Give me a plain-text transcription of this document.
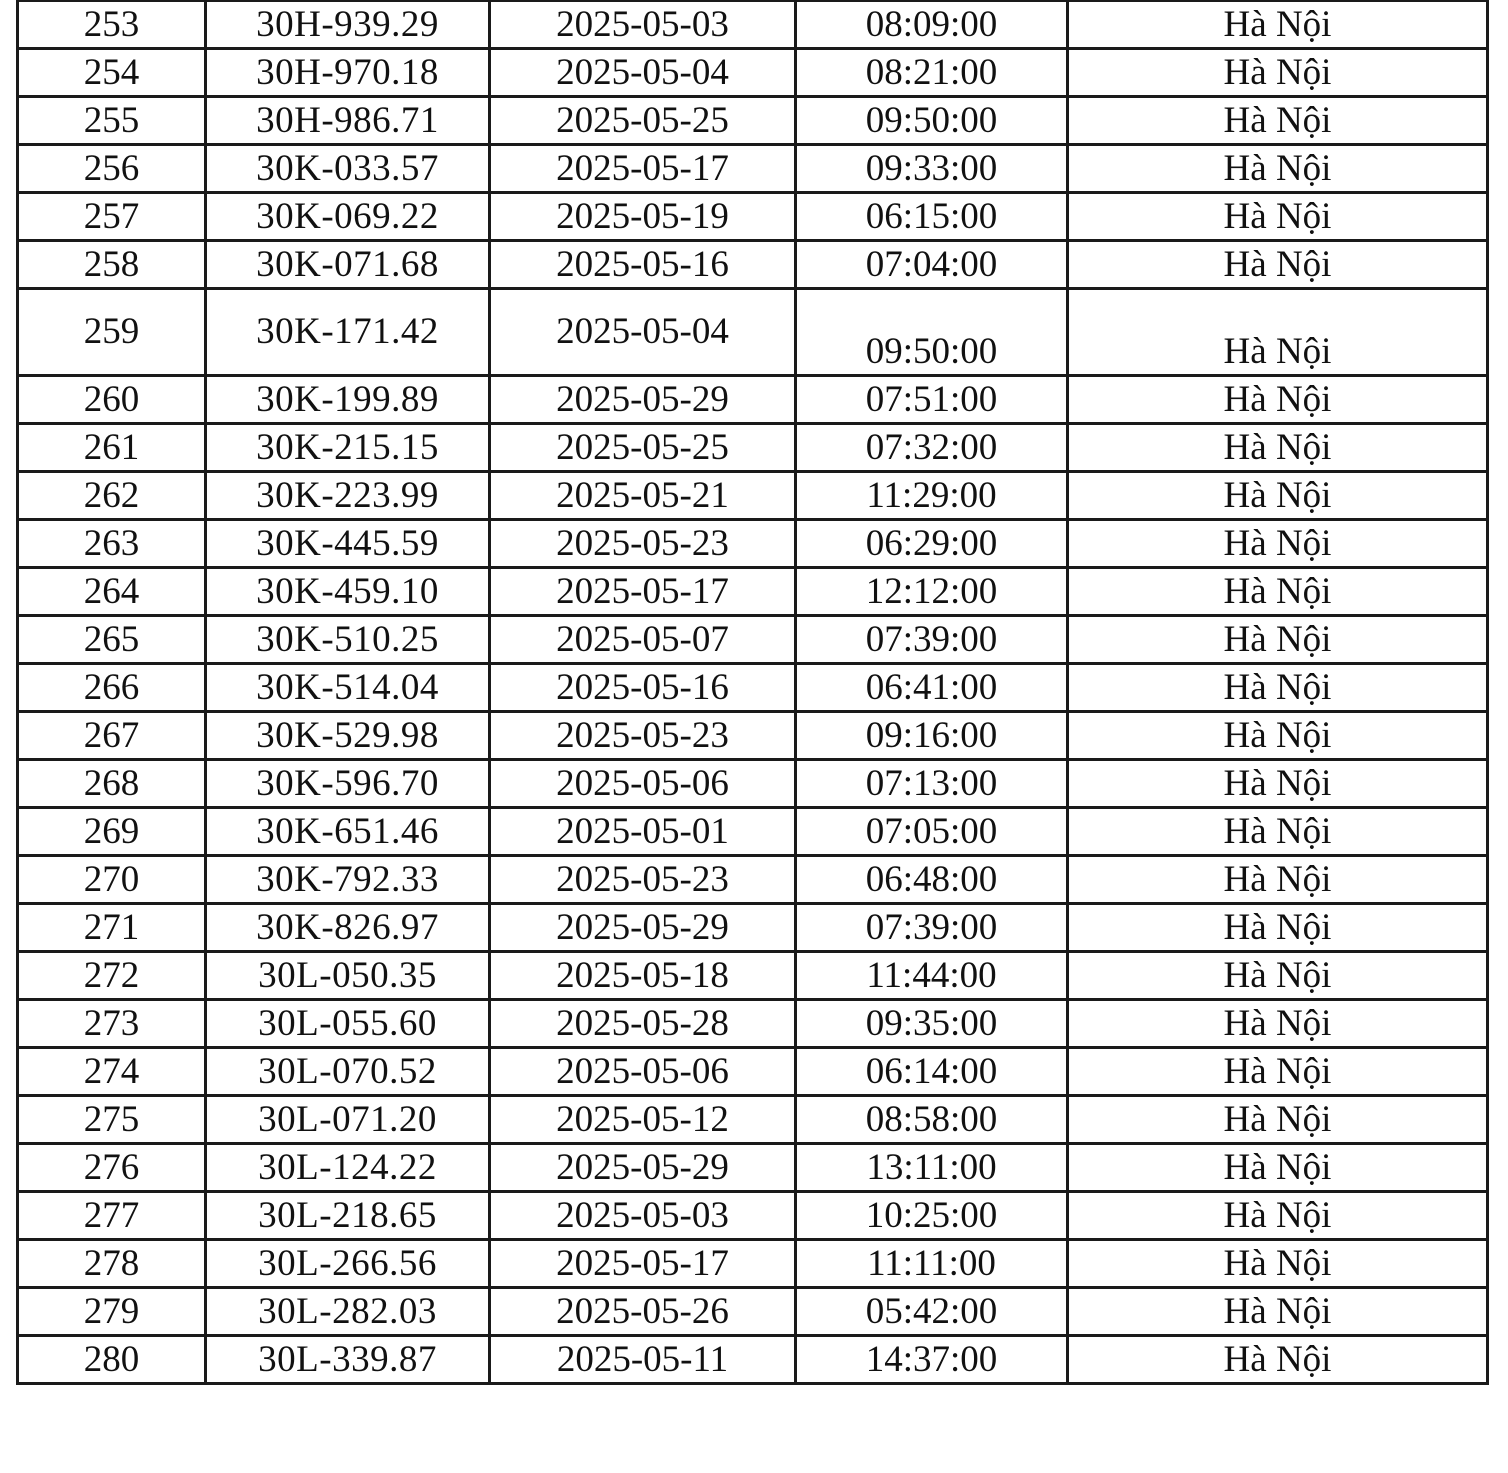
253	30H-939.29	2025-05-03	08:09:00	Hà Nội
254	30H-970.18	2025-05-04	08:21:00	Hà Nội
255	30H-986.71	2025-05-25	09:50:00	Hà Nội
256	30K-033.57	2025-05-17	09:33:00	Hà Nội
257	30K-069.22	2025-05-19	06:15:00	Hà Nội
258	30K-071.68	2025-05-16	07:04:00	Hà Nội
259	30K-171.42	2025-05-04	09:50:00	Hà Nội
260	30K-199.89	2025-05-29	07:51:00	Hà Nội
261	30K-215.15	2025-05-25	07:32:00	Hà Nội
262	30K-223.99	2025-05-21	11:29:00	Hà Nội
263	30K-445.59	2025-05-23	06:29:00	Hà Nội
264	30K-459.10	2025-05-17	12:12:00	Hà Nội
265	30K-510.25	2025-05-07	07:39:00	Hà Nội
266	30K-514.04	2025-05-16	06:41:00	Hà Nội
267	30K-529.98	2025-05-23	09:16:00	Hà Nội
268	30K-596.70	2025-05-06	07:13:00	Hà Nội
269	30K-651.46	2025-05-01	07:05:00	Hà Nội
270	30K-792.33	2025-05-23	06:48:00	Hà Nội
271	30K-826.97	2025-05-29	07:39:00	Hà Nội
272	30L-050.35	2025-05-18	11:44:00	Hà Nội
273	30L-055.60	2025-05-28	09:35:00	Hà Nội
274	30L-070.52	2025-05-06	06:14:00	Hà Nội
275	30L-071.20	2025-05-12	08:58:00	Hà Nội
276	30L-124.22	2025-05-29	13:11:00	Hà Nội
277	30L-218.65	2025-05-03	10:25:00	Hà Nội
278	30L-266.56	2025-05-17	11:11:00	Hà Nội
279	30L-282.03	2025-05-26	05:42:00	Hà Nội
280	30L-339.87	2025-05-11	14:37:00	Hà Nội
